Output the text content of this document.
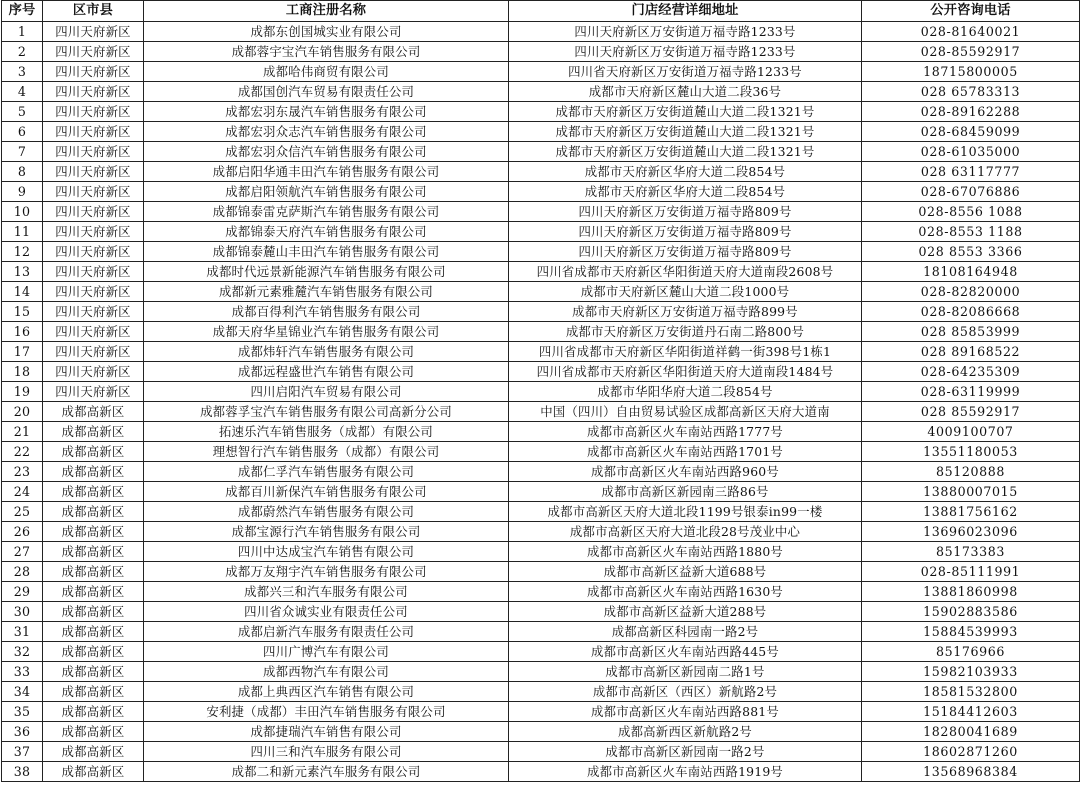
序号	区市县	工商注册名称	门店经营详细地址	公开咨询电话
1	四川天府新区	成都东创国城实业有限公司	四川天府新区万安街道万福寺路1233号	028-81640021
2	四川天府新区	成都蓉宇宝汽车销售服务有限公司	四川天府新区万安街道万福寺路1233号	028-85592917
3	四川天府新区	成都哈伟商贸有限公司	四川省天府新区万安街道万福寺路1233号	18715800005
4	四川天府新区	成都国创汽车贸易有限责任公司	成都市天府新区麓山大道二段36号	028 65783313
5	四川天府新区	成都宏羽东晟汽车销售服务有限公司	成都市天府新区万安街道麓山大道二段1321号	028-89162288
6	四川天府新区	成都宏羽众志汽车销售服务有限公司	成都市天府新区万安街道麓山大道二段1321号	028-68459099
7	四川天府新区	成都宏羽众信汽车销售服务有限公司	成都市天府新区万安街道麓山大道二段1321号	028-61035000
8	四川天府新区	成都启阳华通丰田汽车销售服务有限公司	成都市天府新区华府大道二段854号	028 63117777
9	四川天府新区	成都启阳领航汽车销售服务有限公司	成都市天府新区华府大道二段854号	028-67076886
10	四川天府新区	成都锦泰雷克萨斯汽车销售服务有限公司	四川天府新区万安街道万福寺路809号	028-8556 1088
11	四川天府新区	成都锦泰天府汽车销售服务有限公司	四川天府新区万安街道万福寺路809号	028-8553 1188
12	四川天府新区	成都锦泰麓山丰田汽车销售服务有限公司	四川天府新区万安街道万福寺路809号	028 8553 3366
13	四川天府新区	成都时代远景新能源汽车销售服务有限公司	四川省成都市天府新区华阳街道天府大道南段2608号	18108164948
14	四川天府新区	成都新元素雅麓汽车销售服务有限公司	成都市天府新区麓山大道二段1000号	028-82820000
15	四川天府新区	成都百得利汽车销售服务有限公司	成都市天府新区万安街道万福寺路899号	028-82086668
16	四川天府新区	成都天府华星锦业汽车销售服务有限公司	成都市天府新区万安街道丹石南二路800号	028 85853999
17	四川天府新区	成都炜轩汽车销售服务有限公司	四川省成都市天府新区华阳街道祥鹤一街398号1栋1	028 89168522
18	四川天府新区	成都远程盛世汽车销售有限公司	四川省成都市天府新区华阳街道天府大道南段1484号	028-64235309
19	四川天府新区	四川启阳汽车贸易有限公司	成都市华阳华府大道二段854号	028-63119999
20	成都高新区	成都蓉孚宝汽车销售服务有限公司高新分公司	中国（四川）自由贸易试验区成都高新区天府大道南	028 85592917
21	成都高新区	拓速乐汽车销售服务（成都）有限公司	成都市高新区火车南站西路1777号	4009100707
22	成都高新区	理想智行汽车销售服务（成都）有限公司	成都市高新区火车南站西路1701号	13551180053
23	成都高新区	成都仁孚汽车销售服务有限公司	成都市高新区火车南站西路960号	85120888
24	成都高新区	成都百川新保汽车销售服务有限公司	成都市高新区新园南三路86号	13880007015
25	成都高新区	成都蔚然汽车销售服务有限公司	成都市高新区天府大道北段1199号银泰in99一楼	13881756162
26	成都高新区	成都宝源行汽车销售服务有限公司	成都市高新区天府大道北段28号茂业中心	13696023096
27	成都高新区	四川中达成宝汽车销售有限公司	成都市高新区火车南站西路1880号	85173383
28	成都高新区	成都万友翔宇汽车销售服务有限公司	成都市高新区益新大道688号	028-85111991
29	成都高新区	成都兴三和汽车服务有限公司	成都市高新区火车南站西路1630号	13881860998
30	成都高新区	四川省众诚实业有限责任公司	成都市高新区益新大道288号	15902883586
31	成都高新区	成都启新汽车服务有限责任公司	成都高新区科园南一路2号	15884539993
32	成都高新区	四川广博汽车有限公司	成都市高新区火车南站西路445号	85176966
33	成都高新区	成都西物汽车有限公司	成都市高新区新园南二路1号	15982103933
34	成都高新区	成都上典西区汽车销售有限公司	成都市高新区（西区）新航路2号	18581532800
35	成都高新区	安利捷（成都）丰田汽车销售服务有限公司	成都市高新区火车南站西路881号	15184412603
36	成都高新区	成都捷瑞汽车销售有限公司	成都高新西区新航路2号	18280041689
37	成都高新区	四川三和汽车服务有限公司	成都市高新区新园南一路2号	18602871260
38	成都高新区	成都二和新元素汽车服务有限公司	成都市高新区火车南站西路1919号	13568968384
